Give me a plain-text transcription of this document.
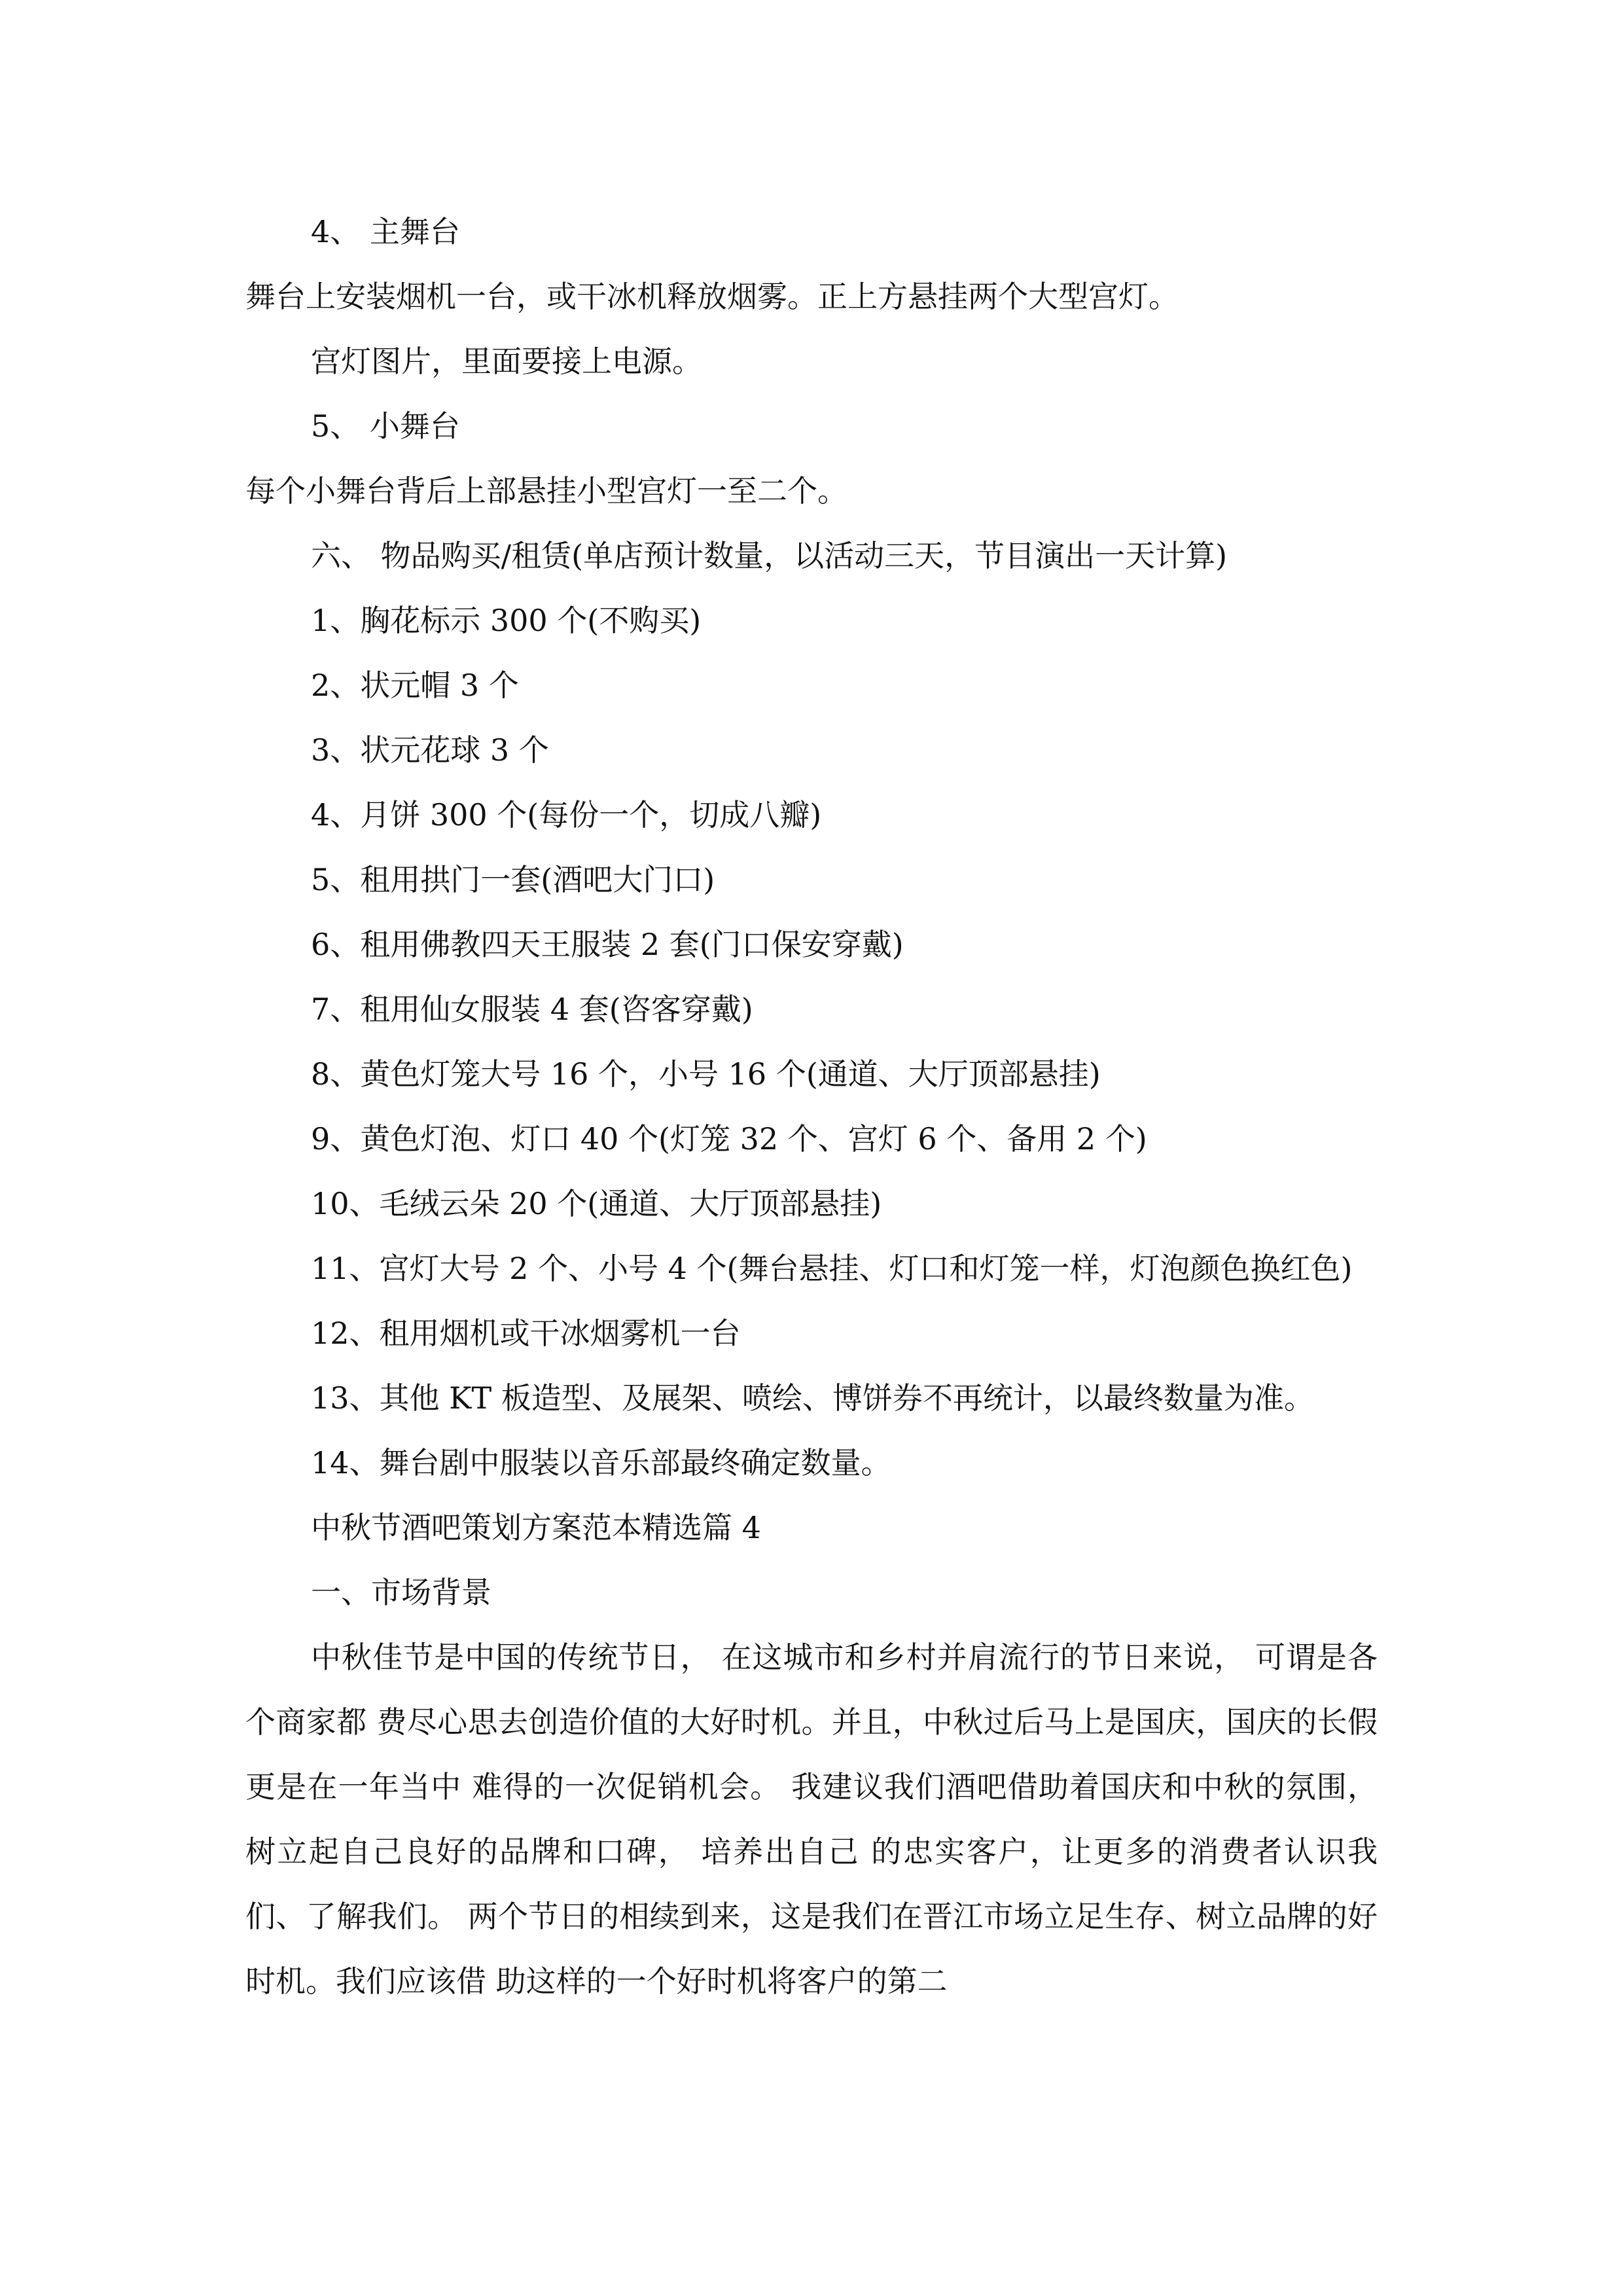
4、 主舞台

舞台上安装烟机一台，或干冰机释放烟雾。正上方悬挂两个大型宫灯。

宫灯图片，里面要接上电源。

5、 小舞台

每个小舞台背后上部悬挂小型宫灯一至二个。

六、 物品购买/租赁(单店预计数量，以活动三天，节目演出一天计算)

1、胸花标示 300 个(不购买)

2、状元帽 3 个

3、状元花球 3 个

4、月饼 300 个(每份一个，切成八瓣)

5、租用拱门一套(酒吧大门口)

6、租用佛教四天王服装 2 套(门口保安穿戴)

7、租用仙女服装 4 套(咨客穿戴)

8、黄色灯笼大号 16 个，小号 16 个(通道、大厅顶部悬挂)

9、黄色灯泡、灯口 40 个(灯笼 32 个、宫灯 6 个、备用 2 个)

10、毛绒云朵 20 个(通道、大厅顶部悬挂)

11、宫灯大号 2 个、小号 4 个(舞台悬挂、灯口和灯笼一样，灯泡颜色换红色)

12、租用烟机或干冰烟雾机一台

13、其他 KT 板造型、及展架、喷绘、博饼券不再统计，以最终数量为准。

14、舞台剧中服装以音乐部最终确定数量。

中秋节酒吧策划方案范本精选篇 4

一、市场背景

中秋佳节是中国的传统节日， 在这城市和乡村并肩流行的节日来说， 可谓是各个商家都 费尽心思去创造价值的大好时机。并且，中秋过后马上是国庆，国庆的长假更是在一年当中 难得的一次促销机会。 我建议我们酒吧借助着国庆和中秋的氛围， 树立起自己良好的品牌和口碑， 培养出自己 的忠实客户，让更多的消费者认识我们、了解我们。 两个节日的相续到来，这是我们在晋江市场立足生存、树立品牌的好时机。我们应该借 助这样的一个好时机将客户的第二
